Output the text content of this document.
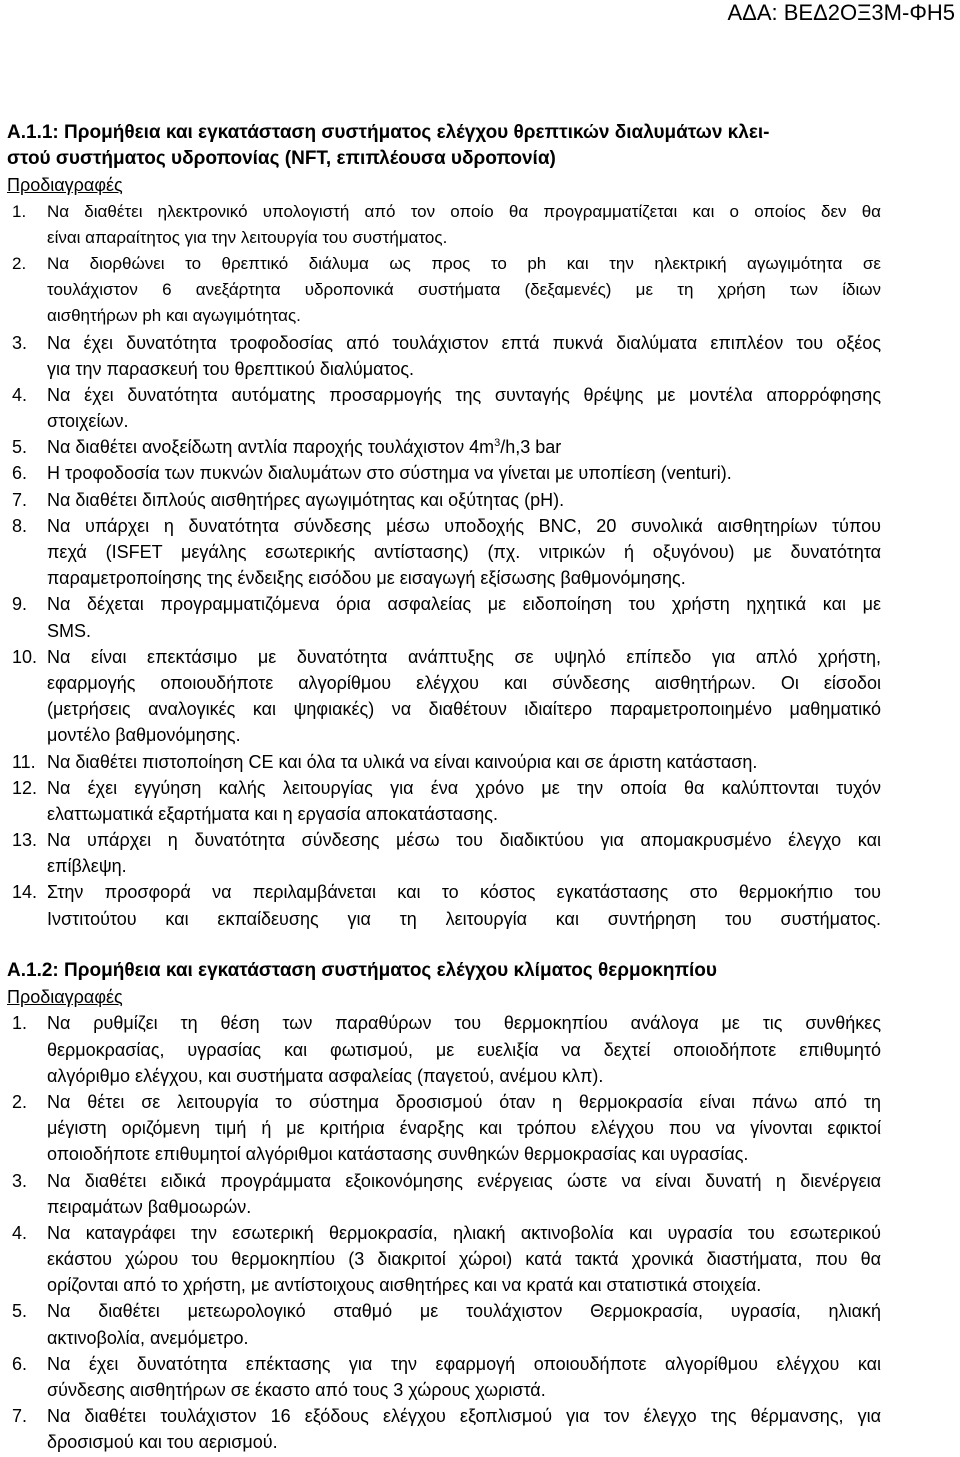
ΑΔΑ: ΒΕΔ2ΟΞ3Μ-ΦΗ5
Α.1.1: Προμήθεια και εγκατάσταση συστήματος ελέγχου θρεπτικών διαλυμάτων κλει-
στού συστήματος υδροπονίας (NFT, επιπλέουσα υδροπονία)
Προδιαγραφές
1. Να διαθέτει ηλεκτρονικό υπολογιστή από τον οποίο θα προγραμματίζεται και ο οποίος δεν θα
είναι απαραίτητος για την λειτουργία του συστήματος.
2. Να διορθώνει το θρεπτικό διάλυμα ως προς το ph και την ηλεκτρική αγωγιμότητα σε
τουλάχιστον 6 ανεξάρτητα υδροπονικά συστήματα (δεξαμενές) με τη χρήση των ίδιων
αισθητήρων ph και αγωγιμότητας.
3. Να έχει δυνατότητα τροφοδοσίας από τουλάχιστον επτά πυκνά διαλύματα επιπλέον του οξέος
για την παρασκευή του θρεπτικού διαλύματος.
4. Να έχει δυνατότητα αυτόματης προσαρμογής της συνταγής θρέψης με μοντέλα απορρόφησης
στοιχείων.
5. Να διαθέτει ανοξείδωτη αντλία παροχής τουλάχιστον $4m^3/h,3$ bar
6. Η τροφοδοσία των πυκνών διαλυμάτων στο σύστημα να γίνεται με υποπίεση (venturi).
7. Να διαθέτει διπλούς αισθητήρες αγωγιμότητας και οξύτητας (pH).
8. Να υπάρχει η δυνατότητα σύνδεσης μέσω υποδοχής BNC, 20 συνολικά αισθητηρίων τύπου
πεχά (ISFET μεγάλης εσωτερικής αντίστασης) (πχ. νιτρικών ή οξυγόνου) με δυνατότητα
παραμετροποίησης της ένδειξης εισόδου με εισαγωγή εξίσωσης βαθμονόμησης.
9. Να δέχεται προγραμματιζόμενα όρια ασφαλείας με ειδοποίηση του χρήστη ηχητικά και με
SMS.
10. Να είναι επεκτάσιμο με δυνατότητα ανάπτυξης σε υψηλό επίπεδο για απλό χρήστη,
εφαρμογής οποιουδήποτε αλγορίθμου ελέγχου και σύνδεσης αισθητήρων. Οι είσοδοι
(μετρήσεις αναλογικές και ψηφιακές) να διαθέτουν ιδιαίτερο παραμετροποιημένο μαθηματικό
μοντέλο βαθμονόμησης.
11. Να διαθέτει πιστοποίηση CE και όλα τα υλικά να είναι καινούρια και σε άριστη κατάσταση.
12. Να έχει εγγύηση καλής λειτουργίας για ένα χρόνο με την οποία θα καλύπτονται τυχόν
ελαττωματικά εξαρτήματα και η εργασία αποκατάστασης.
13. Να υπάρχει η δυνατότητα σύνδεσης μέσω του διαδικτύου για απομακρυσμένο έλεγχο και
επίβλεψη.
14. Στην προσφορά να περιλαμβάνεται και το κόστος εγκατάστασης στο θερμοκήπιο του
Ινστιτούτου και εκπαίδευσης για τη λειτουργία και συντήρηση του συστήματος.
Α.1.2: Προμήθεια και εγκατάσταση συστήματος ελέγχου κλίματος θερμοκηπίου
Προδιαγραφές
1. Να ρυθμίζει τη θέση των παραθύρων του θερμοκηπίου ανάλογα με τις συνθήκες
θερμοκρασίας, υγρασίας και φωτισμού, με ευελιξία να δεχτεί οποιοδήποτε επιθυμητό
αλγόριθμο ελέγχου, και συστήματα ασφαλείας (παγετού, ανέμου κλπ).
2. Να θέτει σε λειτουργία το σύστημα δροσισμού όταν η θερμοκρασία είναι πάνω από τη
μέγιστη οριζόμενη τιμή ή με κριτήρια έναρξης και τρόπου ελέγχου που να γίνονται εφικτοί
οποιοδήποτε επιθυμητοί αλγόριθμοι κατάστασης συνθηκών θερμοκρασίας και υγρασίας.
3. Να διαθέτει ειδικά προγράμματα εξοικονόμησης ενέργειας ώστε να είναι δυνατή η διενέργεια
πειραμάτων βαθμοωρών.
4. Να καταγράφει την εσωτερική θερμοκρασία, ηλιακή ακτινοβολία και υγρασία του εσωτερικού
εκάστου χώρου του θερμοκηπίου (3 διακριτοί χώροι) κατά τακτά χρονικά διαστήματα, που θα
ορίζονται από το χρήστη, με αντίστοιχους αισθητήρες και να κρατά και στατιστικά στοιχεία.
5. Να διαθέτει μετεωρολογικό σταθμό με τουλάχιστον Θερμοκρασία, υγρασία, ηλιακή
ακτινοβολία, ανεμόμετρο.
6. Να έχει δυνατότητα επέκτασης για την εφαρμογή οποιουδήποτε αλγορίθμου ελέγχου και
σύνδεσης αισθητήρων σε έκαστο από τους 3 χώρους χωριστά.
7. Να διαθέτει τουλάχιστον 16 εξόδους ελέγχου εξοπλισμού για τον έλεγχο της θέρμανσης, για
δροσισμού και του αερισμού.
